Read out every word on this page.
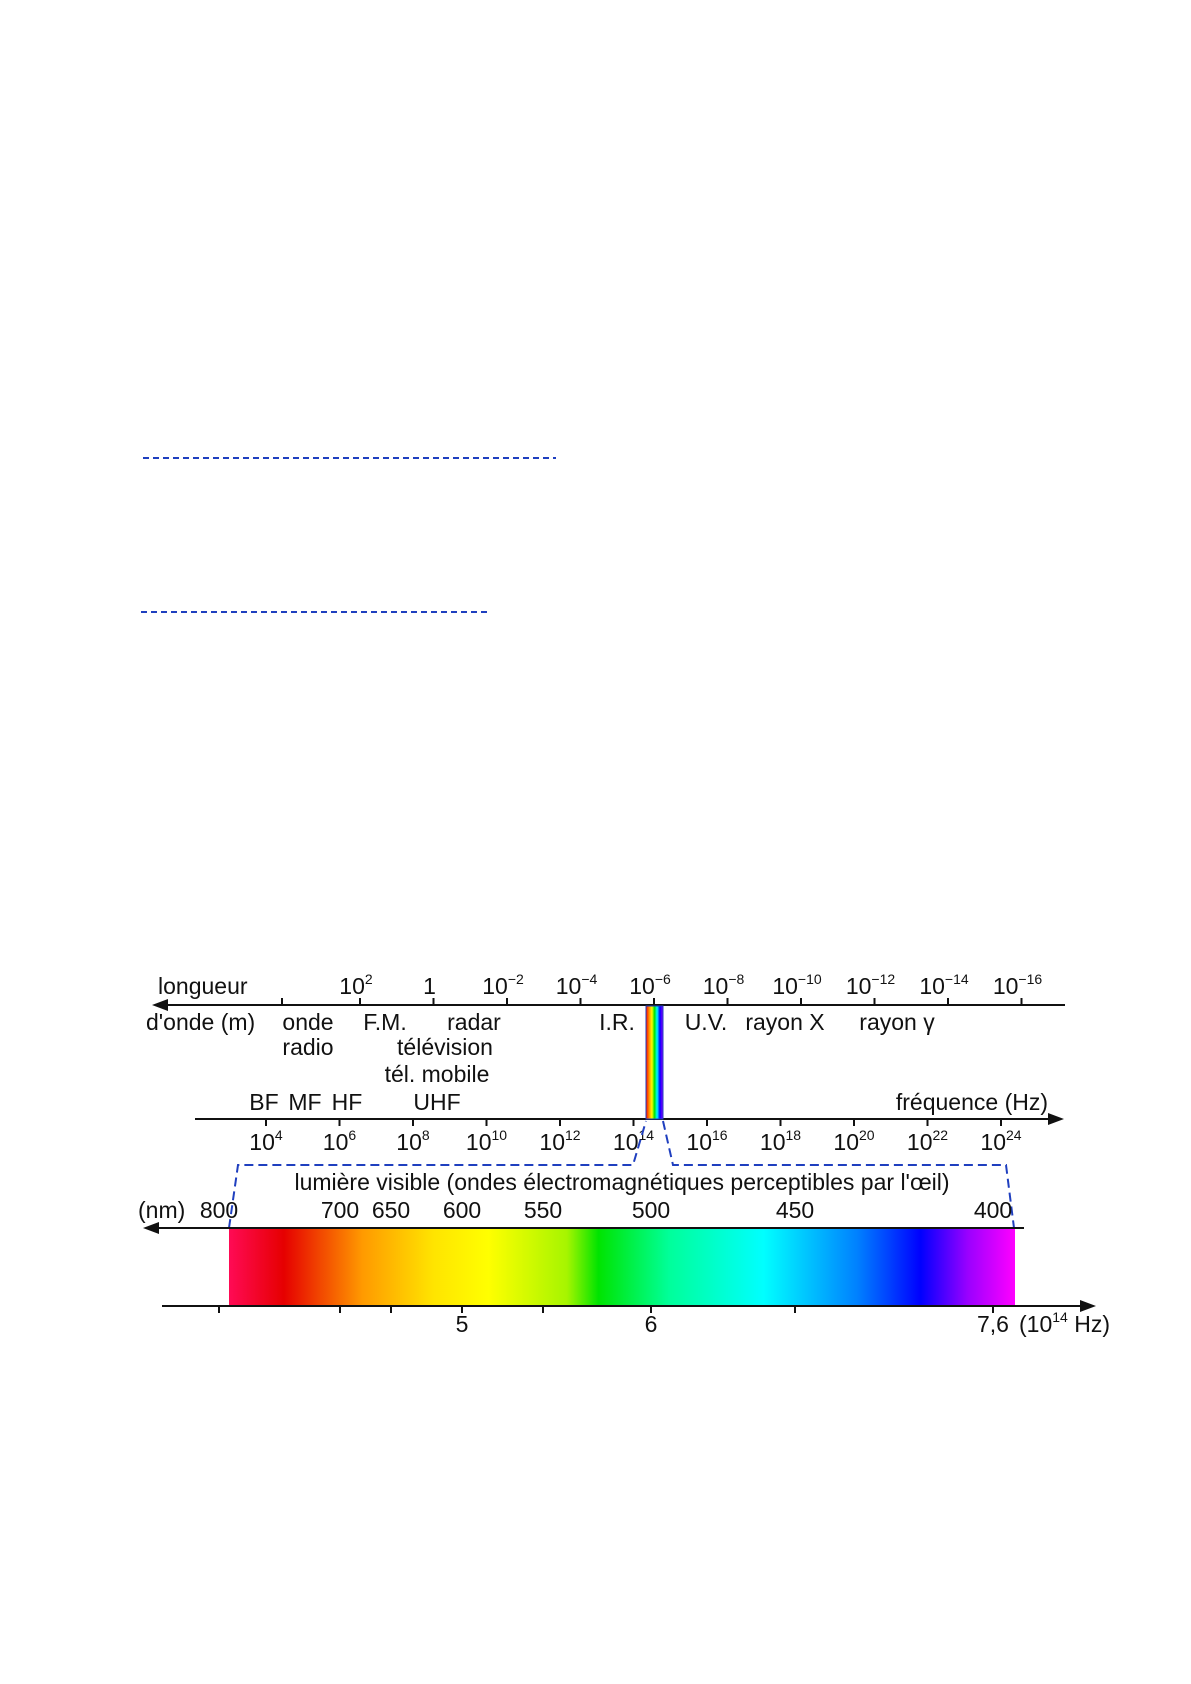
$10^2$ 1 $10^{-2}$ $10^{-4}$ $10^{-6}$ $10^{-8}$ $10^{-10}$ $10^{-12}$ $10^{-14}$ $10^{-16}$
$10^4$ $10^6$ $10^8$ $10^{10}$ $10^{12}$ $10^{14}$ $10^{16}$ $10^{18}$ $10^{20}$ $10^{22}$ $10^{24}$
800	700 650 600 550	500	450	400
5	6	7,6
longueur
d'onde (m) onde
radio
F.M. radar
télévision
tél. mobile
I.R. U.V. rayon X rayon γ
BF MF HF UHF	fréquence (Hz)
lumière visible (ondes électromagnétiques perceptibles par l'œil)
(nm)
($10^{14}$ Hz)
